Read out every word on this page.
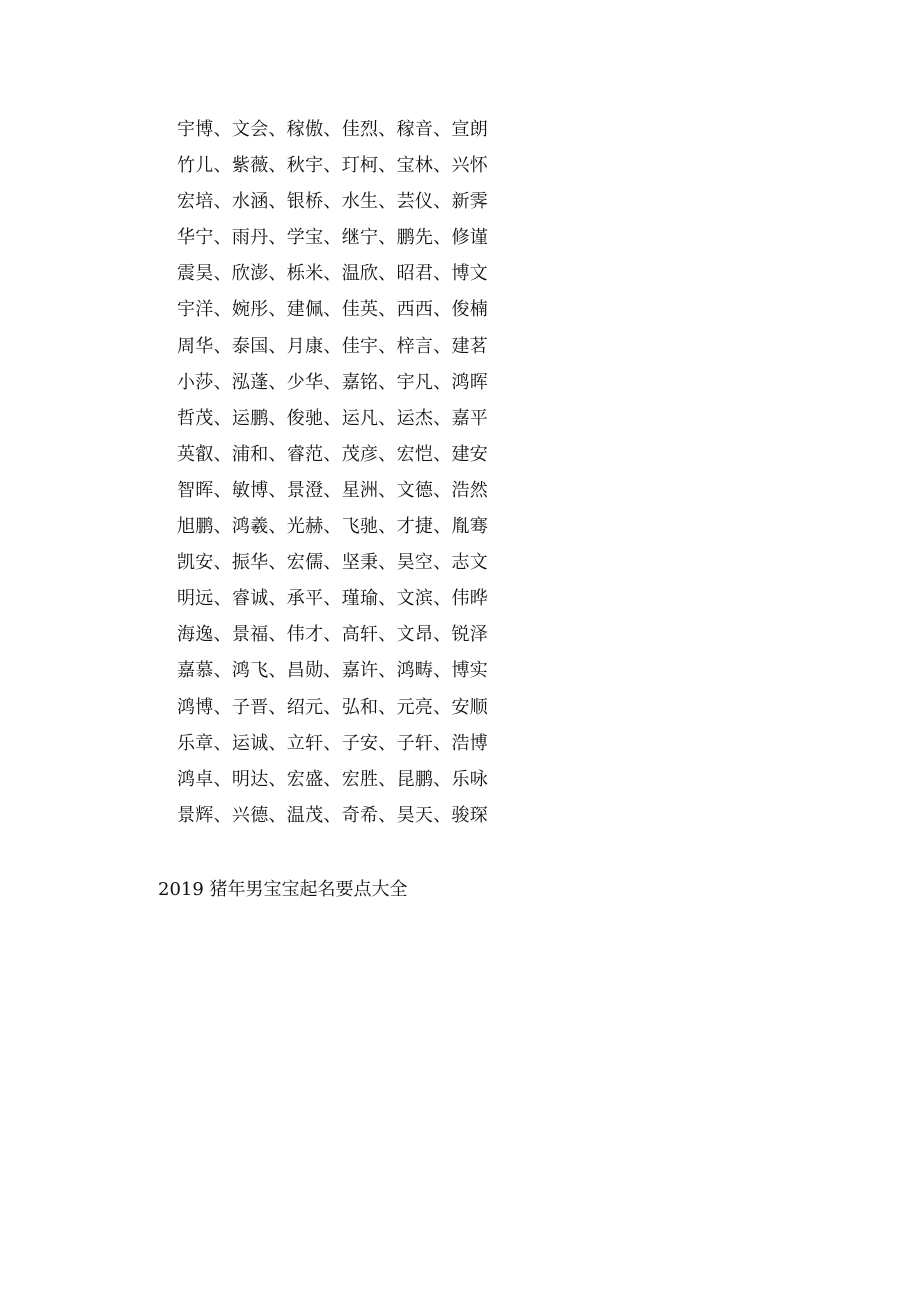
宇博、文会、稼傲、佳烈、稼音、宣朗
竹儿、紫薇、秋宇、玎柯、宝林、兴怀
宏培、水涵、银桥、水生、芸仪、新霁
华宁、雨丹、学宝、继宁、鹏先、修谨
震昊、欣澎、栎米、温欣、昭君、博文
宇洋、婉彤、建佩、佳英、西西、俊楠
周华、泰国、月康、佳宇、梓言、建茗
小莎、泓蓬、少华、嘉铭、宇凡、鸿晖
哲茂、运鹏、俊驰、运凡、运杰、嘉平
英叡、浦和、睿范、茂彦、宏恺、建安
智晖、敏博、景澄、星洲、文德、浩然
旭鹏、鸿羲、光赫、飞驰、才捷、胤骞
凯安、振华、宏儒、坚秉、昊空、志文
明远、睿诚、承平、瑾瑜、文滨、伟晔
海逸、景福、伟才、高轩、文昂、锐泽
嘉慕、鸿飞、昌勋、嘉许、鸿畴、博实
鸿博、子晋、绍元、弘和、元亮、安顺
乐章、运诚、立轩、子安、子轩、浩博
鸿卓、明达、宏盛、宏胜、昆鹏、乐咏
景辉、兴德、温茂、奇希、昊天、骏琛
2019 猪年男宝宝起名要点大全
